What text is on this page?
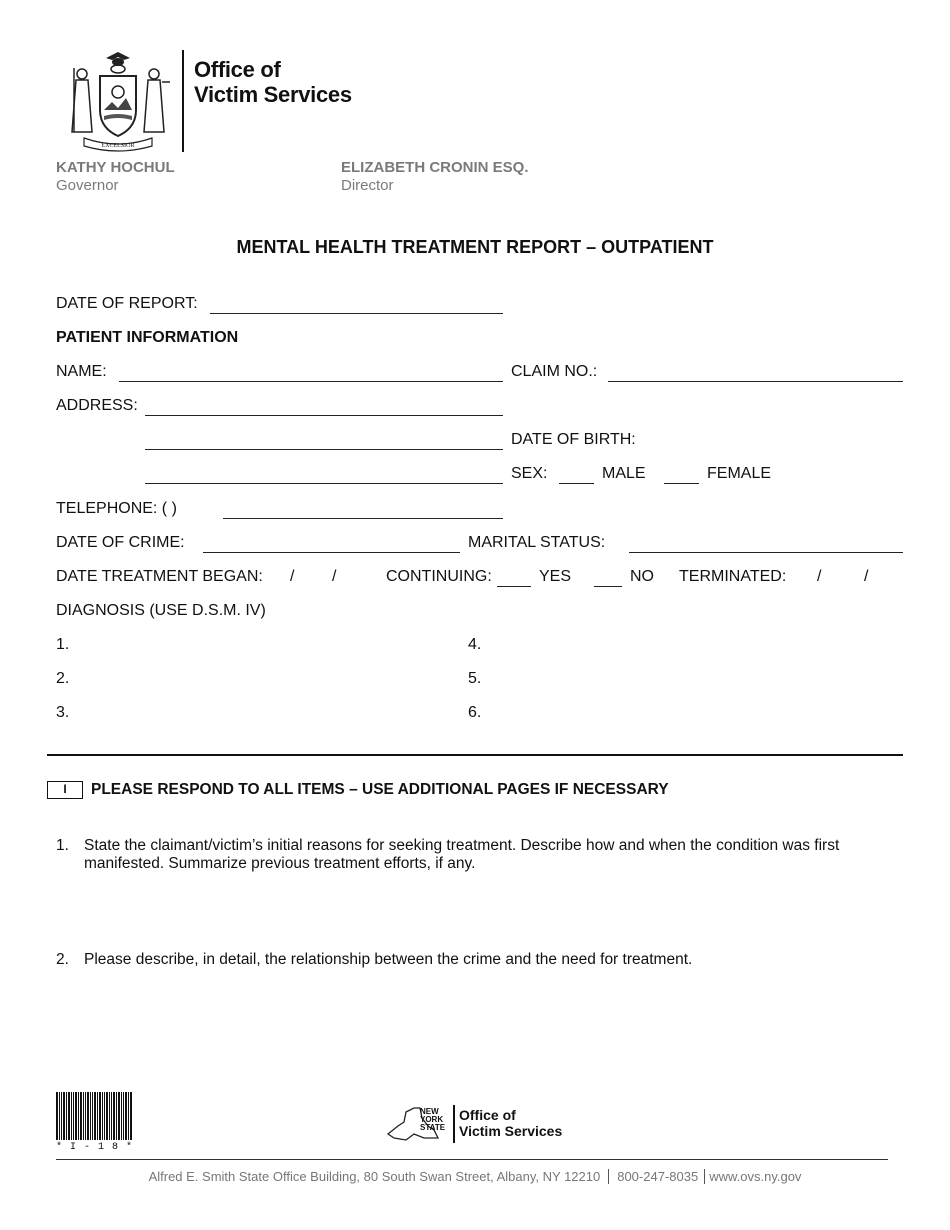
EXCELSIOR
Office of
Victim Services
KATHY HOCHUL
Governor
ELIZABETH CRONIN ESQ.
Director
MENTAL HEALTH TREATMENT REPORT – OUTPATIENT
DATE OF REPORT:
PATIENT INFORMATION
NAME:	CLAIM NO.:
ADDRESS:
DATE OF BIRTH:
SEX:	MALE	FEMALE
TELEPHONE: ( )
DATE OF CRIME:	MARITAL STATUS:
DATE TREATMENT BEGAN: / /	CONTINUING:	YES	NO TERMINATED: /	/
DIAGNOSIS (USE D.S.M. IV)
1.
2.
3.
4.
5.
6.
I	PLEASE RESPOND TO ALL ITEMS – USE ADDITIONAL PAGES IF NECESSARY
1. State the claimant/victim’s initial reasons for seeking treatment. Describe how and when the condition was first manifested. Summarize previous treatment efforts, if any.
2. Please describe, in detail, the relationship between the crime and the need for treatment.
* I - 1 8 *
NEW YORK STATE
Office of
Victim Services
Alfred E. Smith State Office Building, 80 South Swan Street, Albany, NY 12210 800-247-8035 www.ovs.ny.gov
